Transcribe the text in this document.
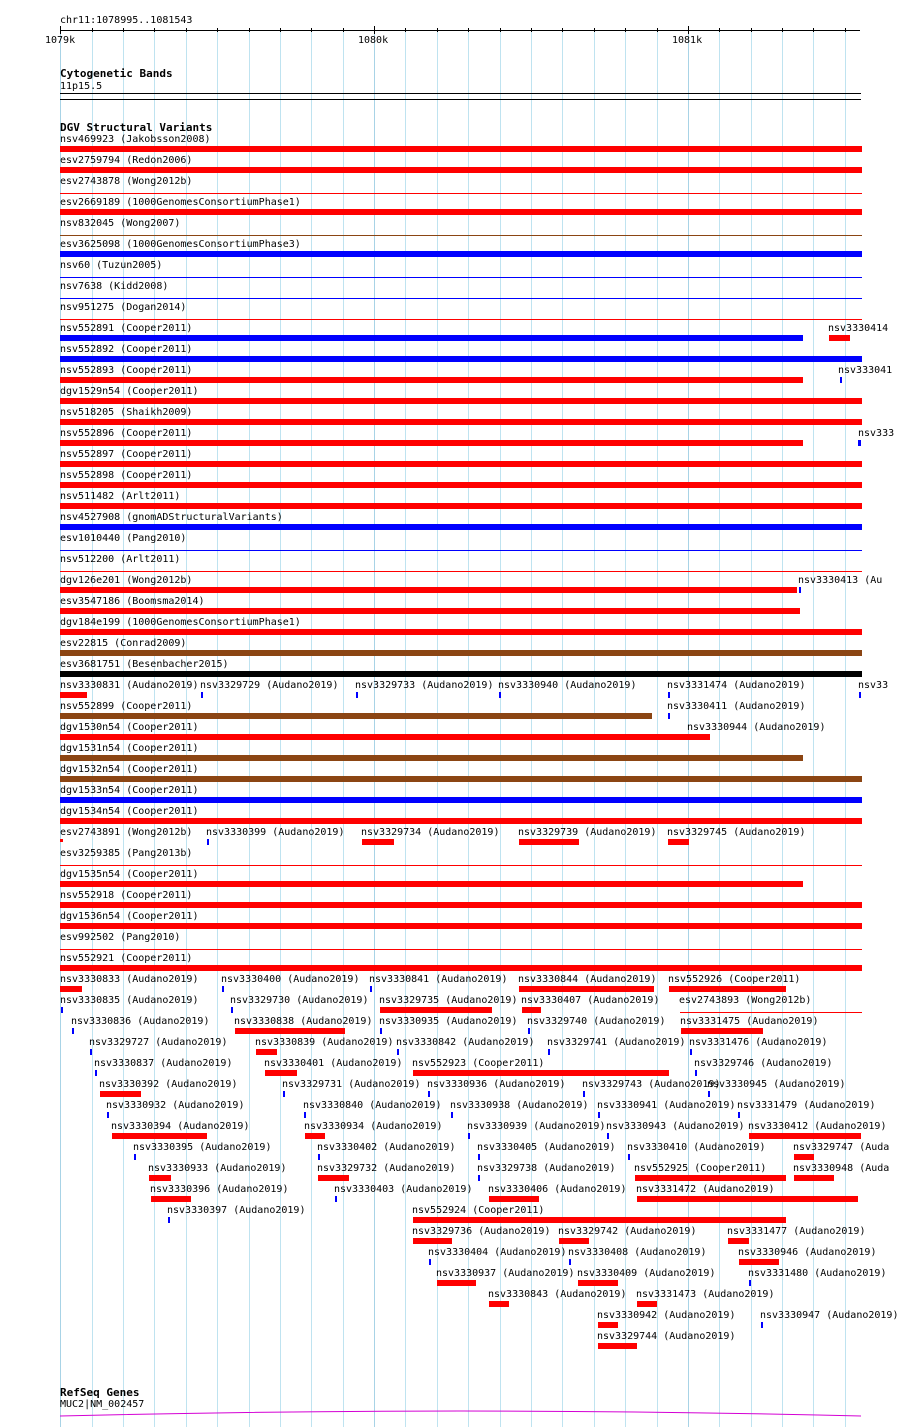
chr11:1078995..1081543
1079k	1080k	1081k
Cytogenetic Bands
11p15.5
DGV Structural Variants
nsv469923 (Jakobsson2008)
esv2759794 (Redon2006)
esv2743878 (Wong2012b)
esv2669189 (1000GenomesConsortiumPhase1)
nsv832045 (Wong2007)
esv3625098 (1000GenomesConsortiumPhase3)
nsv60 (Tuzun2005)
nsv7638 (Kidd2008)
nsv951275 (Dogan2014)
nsv552891 (Cooper2011)	nsv3330414
nsv552892 (Cooper2011)
nsv552893 (Cooper2011)	nsv333041
dgv1529n54 (Cooper2011)
nsv518205 (Shaikh2009)
nsv552896 (Cooper2011)	nsv333
nsv552897 (Cooper2011)
nsv552898 (Cooper2011)
nsv511482 (Arlt2011)
nsv4527908 (gnomADStructuralVariants)
esv1010440 (Pang2010)
nsv512200 (Arlt2011)
dgv126e201 (Wong2012b)	nsv3330413 (Au
esv3547186 (Boomsma2014)
dgv184e199 (1000GenomesConsortiumPhase1)
esv22815 (Conrad2009)
esv3681751 (Besenbacher2015)
nsv3330831 (Audano2019) nsv3329729 (Audano2019) nsv3329733 (Audano2019) nsv3330940 (Audano2019)	nsv3331474 (Audano2019)	nsv33
nsv552899 (Cooper2011)	nsv3330411 (Audano2019)
dgv1530n54 (Cooper2011)	nsv3330944 (Audano2019)
dgv1531n54 (Cooper2011)
dgv1532n54 (Cooper2011)
dgv1533n54 (Cooper2011)
dgv1534n54 (Cooper2011)
esv2743891 (Wong2012b) nsv3330399 (Audano2019) nsv3329734 (Audano2019) nsv3329739 (Audano2019) nsv3329745 (Audano2019)
esv3259385 (Pang2013b)
dgv1535n54 (Cooper2011)
nsv552918 (Cooper2011)
dgv1536n54 (Cooper2011)
esv992502 (Pang2010)
nsv552921 (Cooper2011)
nsv3330833 (Audano2019) nsv3330400 (Audano2019) nsv3330841 (Audano2019) nsv3330844 (Audano2019) nsv552926 (Cooper2011)
nsv3330835 (Audano2019)	nsv3329730 (Audano2019) nsv3329735 (Audano2019) nsv3330407 (Audano2019) esv2743893 (Wong2012b)
nsv3330836 (Audano2019) nsv3330838 (Audano2019) nsv3330935 (Audano2019) nsv3329740 (Audano2019) nsv3331475 (Audano2019)
nsv3329727 (Audano2019)	nsv3330839 (Audano2019) nsv3330842 (Audano2019) nsv3329741 (Audano2019) nsv3331476 (Audano2019)
nsv3330837 (Audano2019)	nsv3330401 (Audano2019) nsv552923 (Cooper2011)	nsv3329746 (Audano2019)
nsv3330392 (Audano2019)	nsv3329731 (Audano2019) nsv3330936 (Audano2019) nsv3329743 (Audano2019)
nsv3330945 (Audano2019)
nsv3330932 (Audano2019)	nsv3330840 (Audano2019) nsv3330938 (Audano2019) nsv3330941 (Audano2019) nsv3331479 (Audano2019)
nsv3330394 (Audano2019)	nsv3330934 (Audano2019) nsv3330939 (Audano2019) nsv3330943 (Audano2019) nsv3330412 (Audano2019)
nsv3330395 (Audano2019)	nsv3330402 (Audano2019) nsv3330405 (Audano2019) nsv3330410 (Audano2019)	nsv3329747 (Auda
nsv3330933 (Audano2019)	nsv3329732 (Audano2019) nsv3329738 (Audano2019) nsv552925 (Cooper2011)	nsv3330948 (Auda
nsv3330396 (Audano2019)	nsv3330403 (Audano2019) nsv3330406 (Audano2019) nsv3331472 (Audano2019)
nsv3330397 (Audano2019)	nsv552924 (Cooper2011)
nsv3329736 (Audano2019) nsv3329742 (Audano2019)	nsv3331477 (Audano2019)
nsv3330404 (Audano2019) nsv3330408 (Audano2019)	nsv3330946 (Audano2019)
nsv3330937 (Audano2019) nsv3330409 (Audano2019)	nsv3331480 (Audano2019)
nsv3330843 (Audano2019) nsv3331473 (Audano2019)
nsv3330942 (Audano2019) nsv3330947 (Audano2019)
nsv3329744 (Audano2019)
RefSeq Genes
MUC2|NM_002457
